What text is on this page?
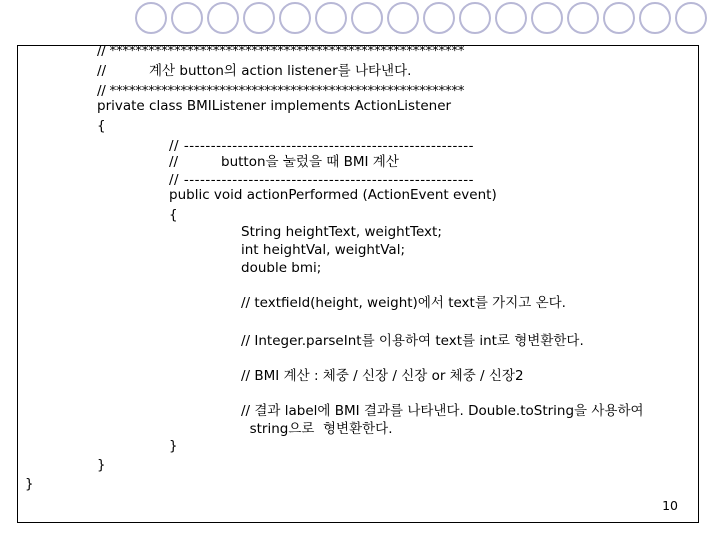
// *******************************************************
//          계산 button의 action listener를 나타낸다.
// *******************************************************
private class BMIListener implements ActionListener
{
// ------------------------------------------------------
//          button을 눌렀을 때 BMI 계산
// ------------------------------------------------------
public void actionPerformed (ActionEvent event)
{
String heightText, weightText;
int heightVal, weightVal;
double bmi;
// textfield(height, weight)에서 text를 가지고 온다.
// Integer.parseInt를 이용하여 text를 int로 형변환한다.
// BMI 계산 : 체중 / 신장 / 신장 or 체중 / 신장2
// 결과 label에 BMI 결과를 나타낸다. Double.toString을 사용하여
string으로  형변환한다.
}
}
}
10
